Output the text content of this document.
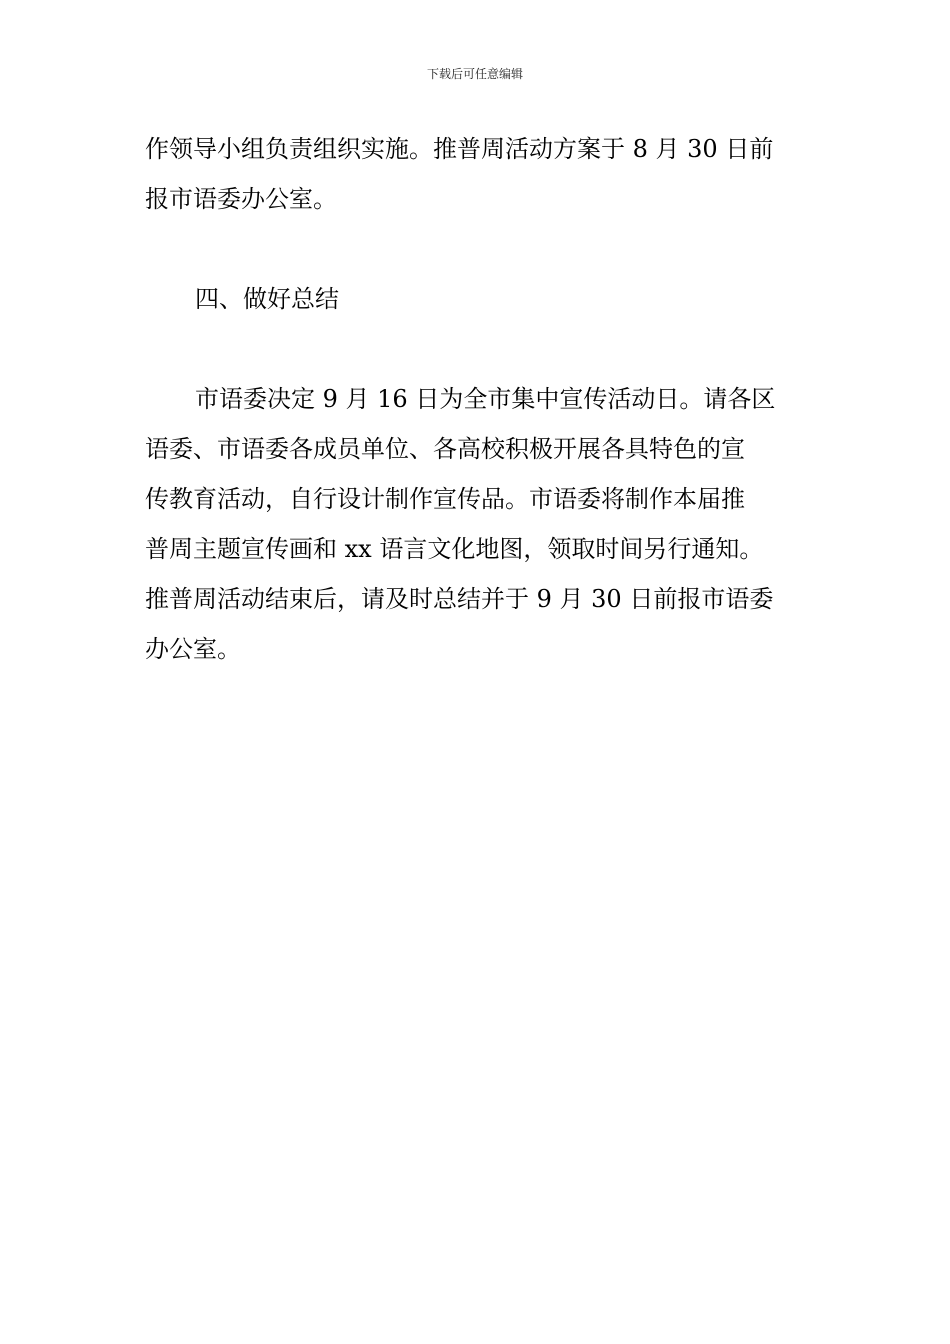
下载后可任意编辑
作领导小组负责组织实施。推普周活动方案于 8 月 30 日前
报市语委办公室。
四、做好总结
市语委决定 9 月 16 日为全市集中宣传活动日。请各区
语委、市语委各成员单位、各高校积极开展各具特色的宣
传教育活动，自行设计制作宣传品。市语委将制作本届推
普周主题宣传画和 xx 语言文化地图，领取时间另行通知。
推普周活动结束后，请及时总结并于 9 月 30 日前报市语委
办公室。
